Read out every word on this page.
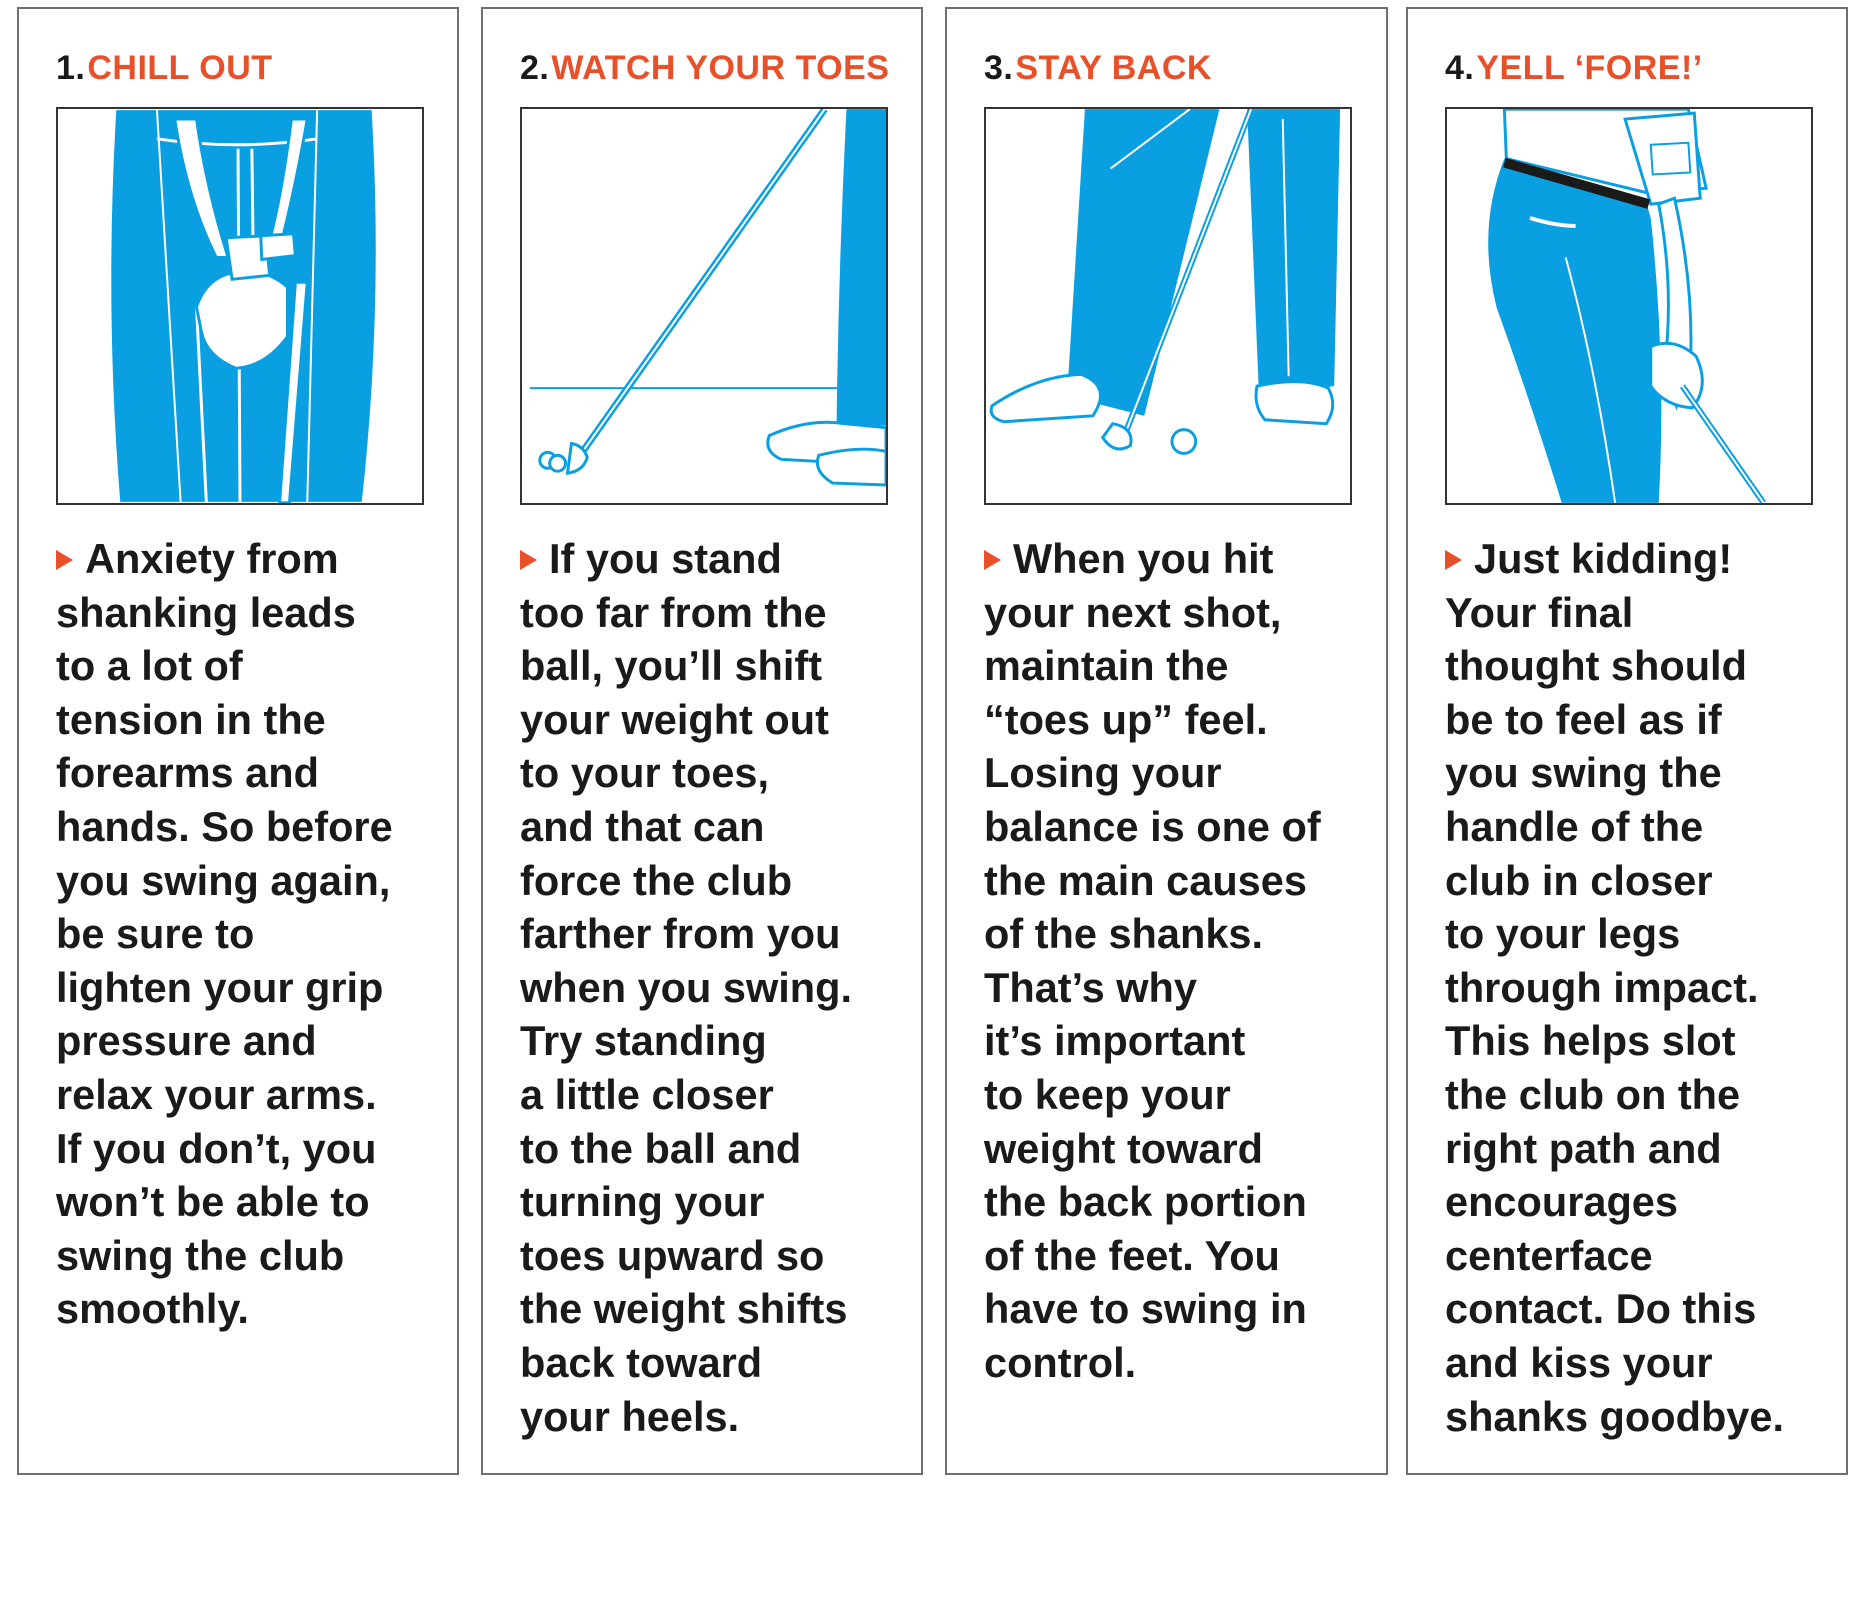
1.CHILL OUT
Anxiety from
shanking leads
to a lot of
tension in the
forearms and
hands. So before
you swing again,
be sure to
lighten your grip
pressure and
relax your arms.
If you don’t, you
won’t be able to
swing the club
smoothly.
2.WATCH YOUR TOES
If you stand
too far from the
ball, you’ll shift
your weight out
to your toes,
and that can
force the club
farther from you
when you swing.
Try standing
a little closer
to the ball and
turning your
toes upward so
the weight shifts
back toward
your heels.
3.STAY BACK
When you hit
your next shot,
maintain the
“toes up” feel.
Losing your
balance is one of
the main causes
of the shanks.
That’s why
it’s important
to keep your
weight toward
the back portion
of the feet. You
have to swing in
control.
4.YELL ‘FORE!’
Just kidding!
Your final
thought should
be to feel as if
you swing the
handle of the
club in closer
to your legs
through impact.
This helps slot
the club on the
right path and
encourages
centerface
contact. Do this
and kiss your
shanks goodbye.
